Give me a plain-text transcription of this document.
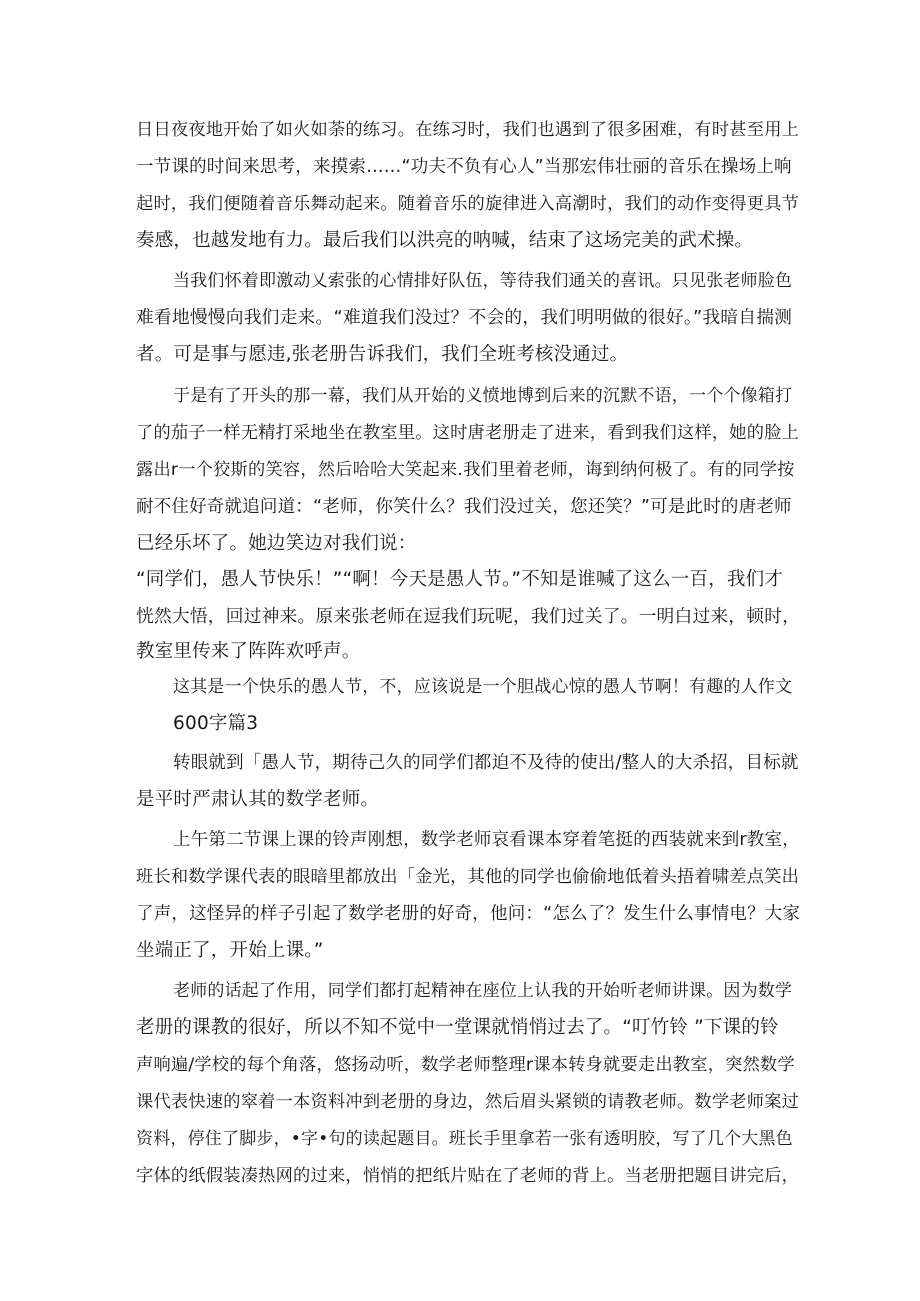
日日夜夜地开始了如火如荼的练习。在练习时，我们也遇到了很多困难，有时甚至用上
一节课的时间来思考，来摸索……“功夫不负有心人”当那宏伟壮丽的音乐在操场上响
起时，我们便随着音乐舞动起来。随着音乐的旋律进入高潮时，我们的动作变得更具节
奏感，也越发地有力。最后我们以洪亮的呐喊，结束了这场完美的武术操。
当我们怀着即激动乂索张的心情排好队伍，等待我们通关的喜讯。只见张老师脸色
难看地慢慢向我们走来。“难道我们没过？不会的，我们明明做的很好。”我暗自揣测
者。可是事与愿违,张老册告诉我们，我们全班考核没通过。
于是有了开头的那一幕，我们从开始的义愤地博到后来的沉默不语，一个个像箱打
了的茄子一样无精打采地坐在教室里。这时唐老册走了进来，看到我们这样，她的脸上
露出r一个狡斯的笑容，然后哈哈大笑起来.我们里着老师，诲到纳何极了。有的同学按
耐不住好奇就追问道：“老师，你笑什么？我们没过关，您还笑？”可是此时的唐老师
已经乐坏了。她边笑边对我们说：
“同学们，愚人节快乐！”“啊！今天是愚人节。”不知是谁喊了这么一百，我们才
恍然大悟，回过神来。原来张老师在逗我们玩呢，我们过关了。一明白过来，顿时，
教室里传来了阵阵欢呼声。
这其是一个快乐的愚人节，不，应该说是一个胆战心惊的愚人节啊！有趣的人作文
600字篇3
转眼就到「愚人节，期待己久的同学们都迫不及待的使出/整人的大杀招，目标就
是平时严肃认其的数学老师。
上午第二节课上课的铃声刚想，数学老师哀看课本穿着笔挺的西装就来到r教室，
班长和数学课代表的眼暗里都放出「金光，其他的同学也偷偷地低着头捂着啸差点笑出
了声，这怪异的样子引起了数学老册的好奇，他问：“怎么了？发生什么事情电？大家
坐端正了，开始上课。”
老师的话起了作用，同学们都打起精神在座位上认我的开始听老师讲课。因为数学
老册的课教的很好，所以不知不觉中一堂课就悄悄过去了。“叮竹铃 ”下课的铃
声响遍/学校的每个角落，悠扬动听，数学老师整理r课本转身就要走出教室，突然数学
课代表快速的窣着一本资料冲到老册的身边，然后眉头紧锁的请教老师。数学老师案过
资料，停住了脚步，•字•句的读起题目。班长手里拿若一张有透明胶，写了几个大黑色
字体的纸假装凑热网的过来，悄悄的把纸片贴在了老师的背上。当老册把题目讲完后，
